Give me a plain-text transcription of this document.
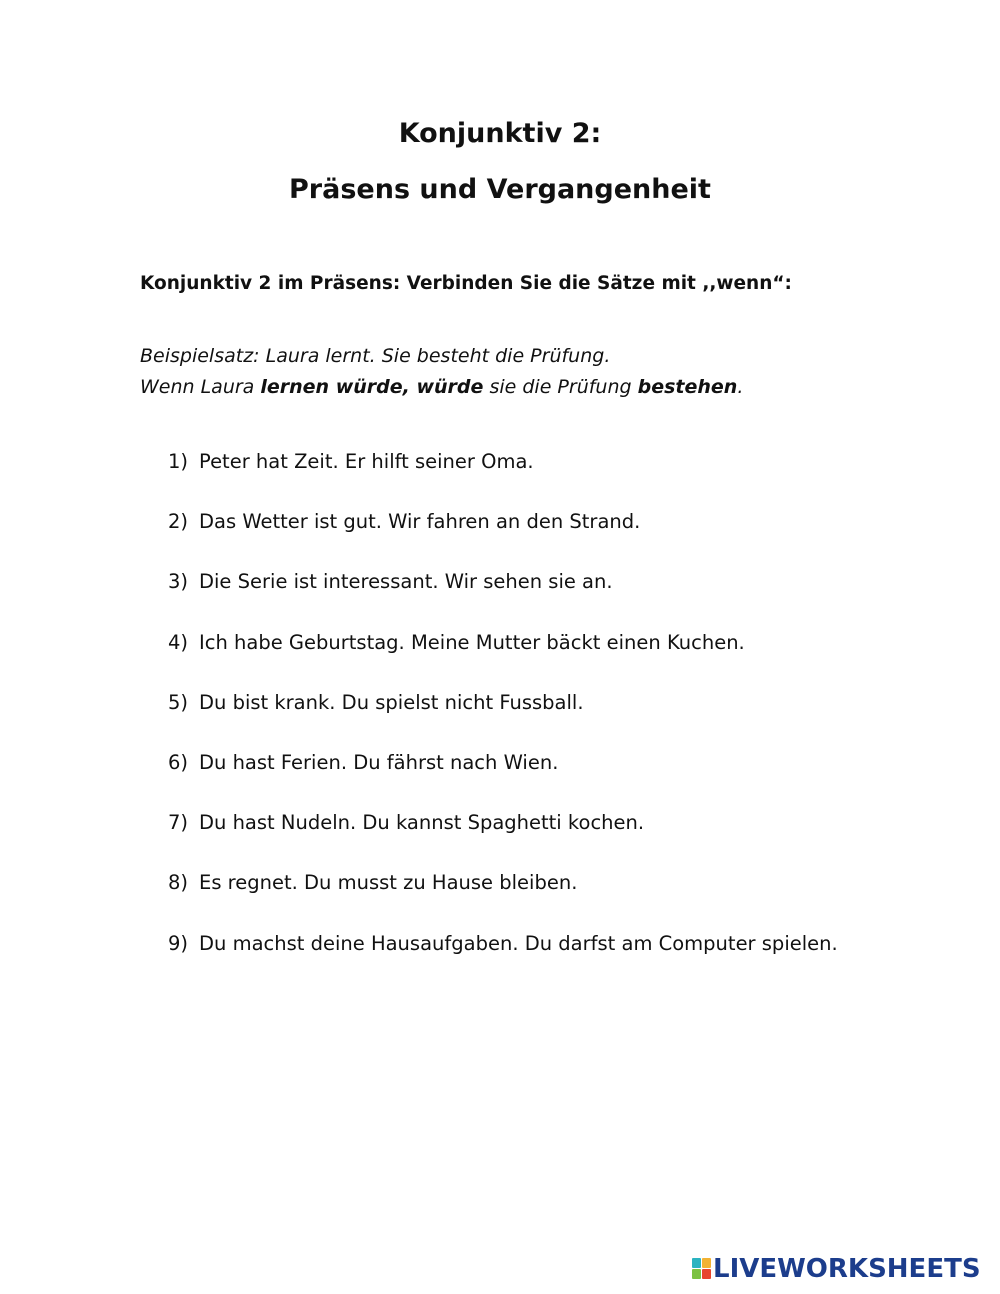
Konjunktiv 2:
Präsens und Vergangenheit
Konjunktiv 2 im Präsens: Verbinden Sie die Sätze mit ,,wenn“:
Beispielsatz: Laura lernt. Sie besteht die Prüfung.
Wenn Laura lernen würde, würde sie die Prüfung bestehen.
1) Peter hat Zeit. Er hilft seiner Oma.
2) Das Wetter ist gut. Wir fahren an den Strand.
3) Die Serie ist interessant. Wir sehen sie an.
4) Ich habe Geburtstag. Meine Mutter bäckt einen Kuchen.
5) Du bist krank. Du spielst nicht Fussball.
6) Du hast Ferien. Du fährst nach Wien.
7) Du hast Nudeln. Du kannst Spaghetti kochen.
8) Es regnet. Du musst zu Hause bleiben.
9) Du machst deine Hausaufgaben. Du darfst am Computer spielen.
LIVEWORKSHEETS
